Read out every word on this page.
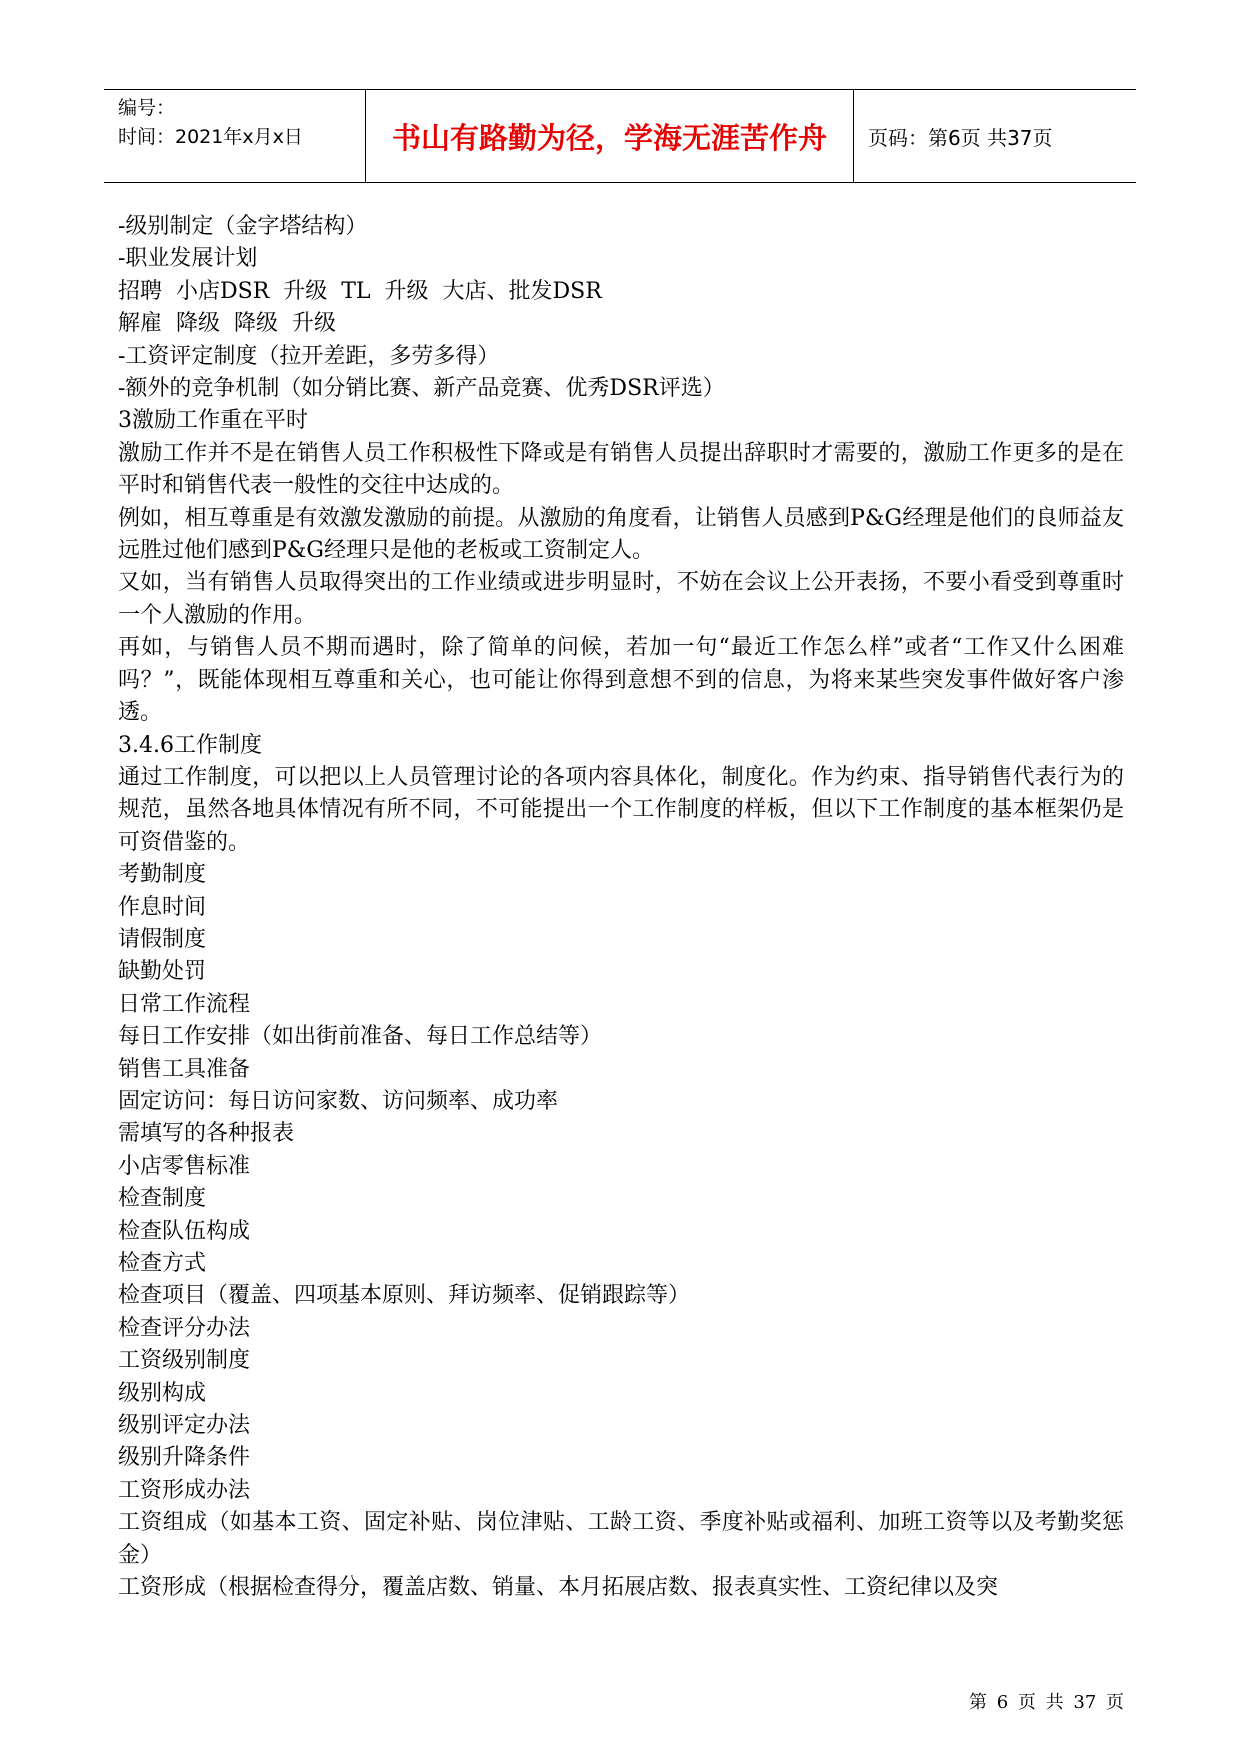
编号：
时间：2021年x月x日	书山有路勤为径，学海无涯苦作舟 页码：第6页 共37页

-级别制定（金字塔结构）

-职业发展计划

招聘  小店DSR  升级  TL  升级  大店、批发DSR

解雇  降级  降级  升级

-工资评定制度（拉开差距，多劳多得）

-额外的竞争机制（如分销比赛、新产品竞赛、优秀DSR评选）

3激励工作重在平时

激励工作并不是在销售人员工作积极性下降或是有销售人员提出辞职时才需要的，激励工作更多的是在平时和销售代表一般性的交往中达成的。

例如，相互尊重是有效激发激励的前提。从激励的角度看，让销售人员感到P&G经理是他们的良师益友远胜过他们感到P&G经理只是他的老板或工资制定人。

又如，当有销售人员取得突出的工作业绩或进步明显时，不妨在会议上公开表扬，不要小看受到尊重时一个人激励的作用。

再如，与销售人员不期而遇时，除了简单的问候，若加一句“最近工作怎么样”或者“工作又什么困难吗？”，既能体现相互尊重和关心，也可能让你得到意想不到的信息，为将来某些突发事件做好客户渗透。

3.4.6工作制度

通过工作制度，可以把以上人员管理讨论的各项内容具体化，制度化。作为约束、指导销售代表行为的规范，虽然各地具体情况有所不同，不可能提出一个工作制度的样板，但以下工作制度的基本框架仍是可资借鉴的。

考勤制度

作息时间

请假制度

缺勤处罚

日常工作流程

每日工作安排（如出街前准备、每日工作总结等）

销售工具准备

固定访问：每日访问家数、访问频率、成功率

需填写的各种报表

小店零售标准

检查制度

检查队伍构成

检查方式

检查项目（覆盖、四项基本原则、拜访频率、促销跟踪等）

检查评分办法

工资级别制度

级别构成

级别评定办法

级别升降条件

工资形成办法

工资组成（如基本工资、固定补贴、岗位津贴、工龄工资、季度补贴或福利、加班工资等以及考勤奖惩金）

工资形成（根据检查得分，覆盖店数、销量、本月拓展店数、报表真实性、工资纪律以及突

第 6 页 共 37 页
